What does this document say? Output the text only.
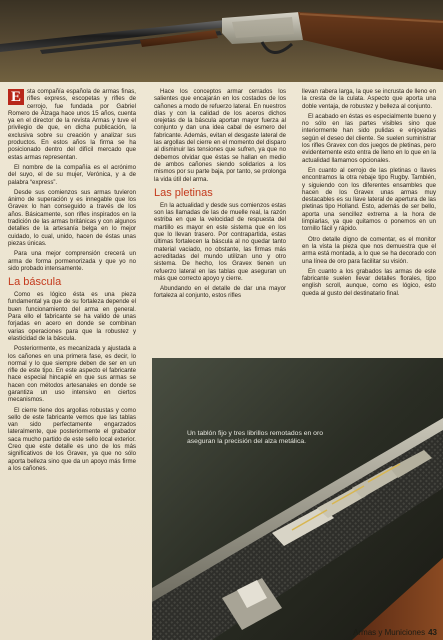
E sta compañía española de armas finas, rifles express, escopetas y rifles de cerrojo, fue fundada por Gabriel Romero de Álzaga hace unos 15 años, cuenta ya en el director de la revista Armas y tuve el privilegio de que, en dicha publicación, la exclusiva sobre su creación y analizar sus productos. En estos años la firma se ha posicionado dentro del difícil mercado que estas armas representan.

El nombre de la compañía es el acrónimo del suyo, el de su mujer, Verónica, y a de palabra “express”.

Desde sus comienzos sus armas tuvieron ánimo de superación y es innegable que los Gravex lo han conseguido a través de los años. Básicamente, son rifles inspirados en la tradición de las armas británicas y con algunos detalles de la artesanía belga en lo mejor cuidado, lo cual, unido, hacen de éstas unas piezas únicas.

Para una mejor comprensión crecerá un arma de forma pormenorizada y que yo no sido probado intensamente.

La báscula

Como es lógico ésta es una pieza fundamental ya que de su fortaleza depende el buen funcionamiento del arma en general. Para ello el fabricante se ha valido de unas forjadas en acero en donde se combinan varias operaciones para que la robustez y elasticidad de la báscula.

Posteriormente, es mecanizada y ajustada a los cañones en una primera fase, es decir, lo normal y lo que siempre deben de ser en un rifle de este tipo. En este aspecto el fabricante hace especial hincapié en que sus armas se hacen con métodos artesanales en donde se garantiza un uso intensivo en ciertos mecanismos.

El cierre tiene dos argollas robustas y como sello de este fabricante vemos que las tablas van sido perfectamente engarzados lateralmente, que posteriormente el grabador saca mucho partido de este sello local exterior. Creo que este detalle es uno de los más significativos de los Gravex, ya que no sólo aporta belleza sino que da un apoyo más firme a los cañones.

Hace los conceptos armar cerrados los salientes que encajarán en los costados de los cañones a modo de refuerzo lateral. En nuestros días y con la calidad de los aceros dichos orejetas de la báscula aportan mayor fuerza al conjunto y dan una idea cabal de esmero del fabricante. Además, evitan el desgaste lateral de las argollas del cierre en el momento del disparo al disminuir las tensiones que sufren, ya que no debemos olvidar que éstas se hallan en medio de ambos cañones siendo solidarios a los mismos por su parte baja, por tanto, se prolonga la vida útil del arma.

Las pletinas

En la actualidad y desde sus comienzos estas son las llamadas de las de muelle real, la razón estriba en que la velocidad de respuesta del martillo es mayor en este sistema que en los que lo llevan trasero. Por contrapartida, estas últimas fortalecen la báscula al no quedar tanto material vaciado, no obstante, las firmas más acreditadas del mundo utilizan uno y otro sistema. De hecho, los Gravex tienen un refuerzo lateral en las tablas que aseguran un más que correcto apoyo y cierre.

Abundando en el detalle de dar una mayor fortaleza al conjunto, estos rifles

llevan rabera larga, la que se incrusta de lleno en la cresta de la culata. Aspecto que aporta una doble ventaja, de robustez y belleza al conjunto.

El acabado en éstas es especialmente bueno y no sólo en las partes visibles sino que interiormente han sido pulidas e enjoyadas según el deseo del cliente. Se suelen suministrar los rifles Gravex con dos juegos de pletinas, pero evidentemente esto entra de lleno en lo que en la actualidad llamamos opcionales.

En cuanto al cerrojo de las pletinas o llaves encontramos la otra rebaje tipo Rugby. También, y siguiendo con los diferentes ensambles que hacen de los Gravex unas armas muy destacables es su llave lateral de apertura de las pletinas tipo Holland. Esto, además de ser bello, aporta una sencillez extrema a la hora de limpiarlas, ya que quitamos o ponemos en un tornillo fácil y rápido.

Otro detalle digno de comentar, es el monitor en la vista la pieza que nos demuestra que el arma está montada, a lo que se ha decorado con una línea de oro para facilitar su visión.

En cuanto a los grabados las armas de este fabricante suelen llevar detalles florales, tipo english scroll, aunque, como es lógico, esto queda al gusto del destinatario final.

Un tablón fijo y tres librillos remotados en oro aseguran la precisión del alza metálica.
Armas y Municiones 43
